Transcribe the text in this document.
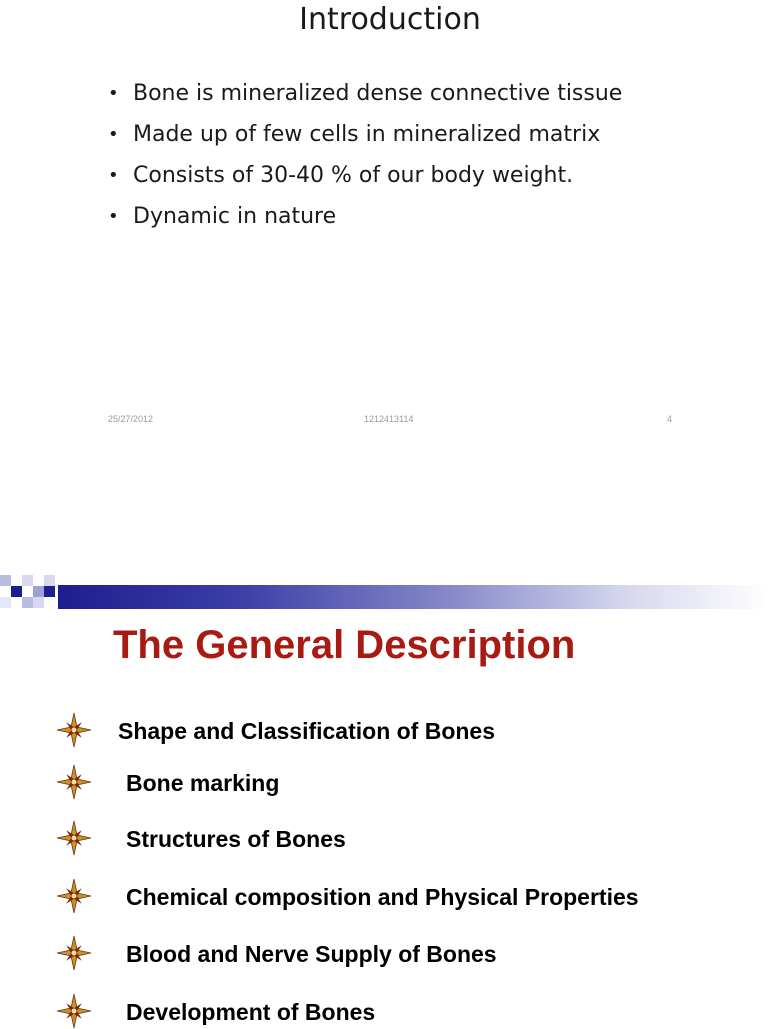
Introduction
• Bone is mineralized dense connective tissue
• Made up of few cells in mineralized matrix
• Consists of 30-40 % of our body weight.
• Dynamic in nature
25/27/2012	1212413114	4
The General Description
Shape and Classification of Bones
Bone marking
Structures of Bones
Chemical composition and Physical Properties
Blood and Nerve Supply of Bones
Development of Bones
